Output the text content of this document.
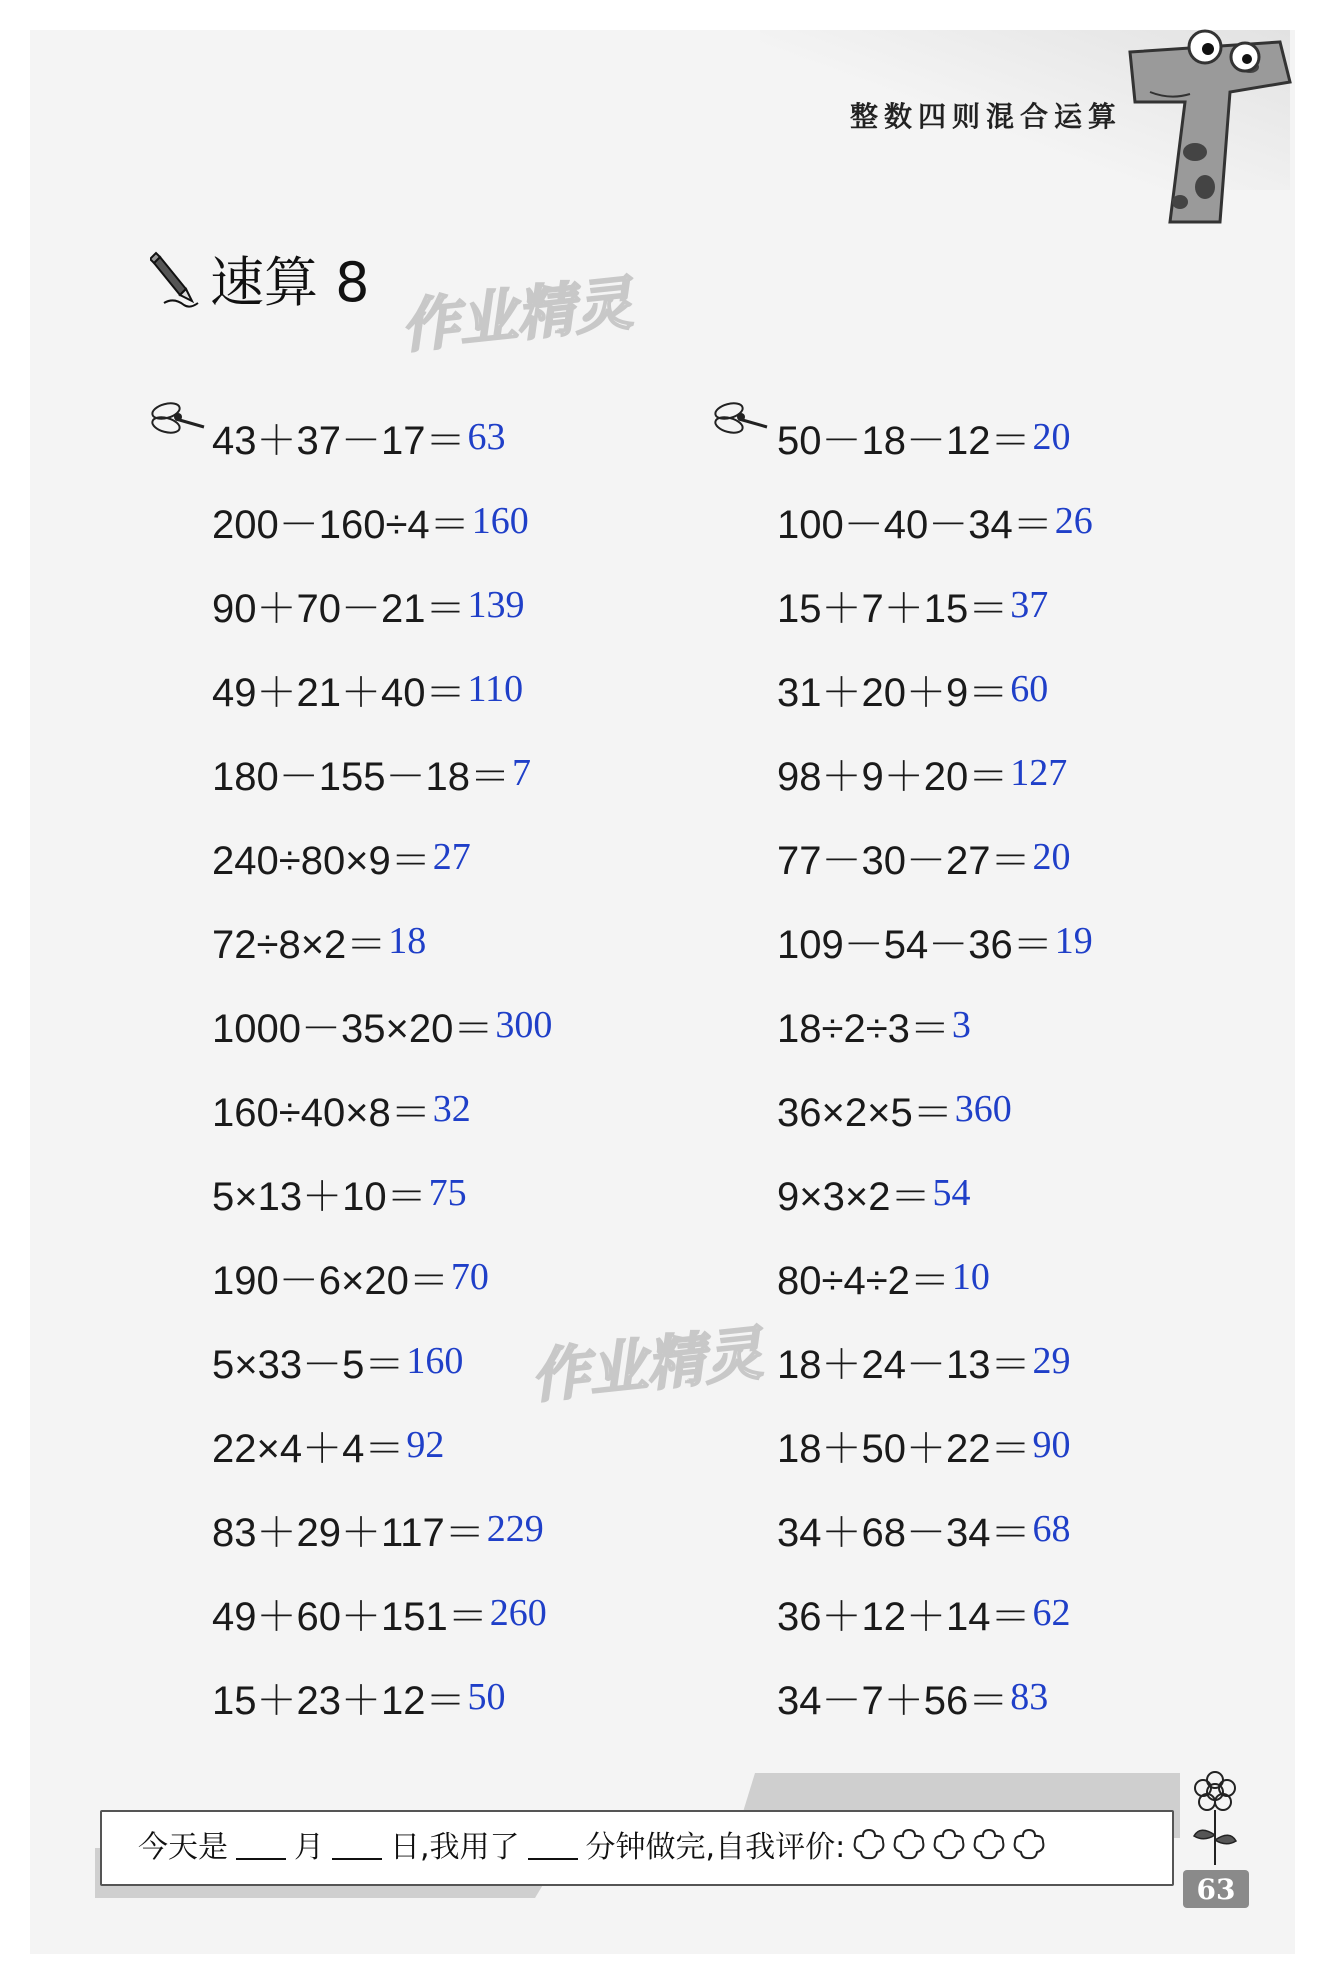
整数四则混合运算
速算 8 作业精灵
作业精灵
43＋37－17＝ 63
200－160÷4＝ 160
90＋70－21＝ 139
49＋21＋40＝ 110
180－155－18＝ 7
240÷80×9＝ 27
72÷8×2＝ 18
1000－35×20＝ 300
160÷40×8＝ 32
5×13＋10＝ 75
190－6×20＝ 70
5×33－5＝ 160
22×4＋4＝ 92
83＋29＋117＝ 229
49＋60＋151＝ 260
15＋23＋12＝ 50
50－18－12＝ 20
100－40－34＝ 26
15＋7＋15＝ 37
31＋20＋9＝ 60
98＋9＋20＝ 127
77－30－27＝ 20
109－54－36＝ 19
18÷2÷3＝ 3
36×2×5＝ 360
9×3×2＝ 54
80÷4÷2＝ 10
18＋24－13＝ 29
18＋50＋22＝ 90
34＋68－34＝ 68
36＋12＋14＝ 62
34－7＋56＝ 83
今天是 月 日,我用了 分钟做完,自我评价:
63
